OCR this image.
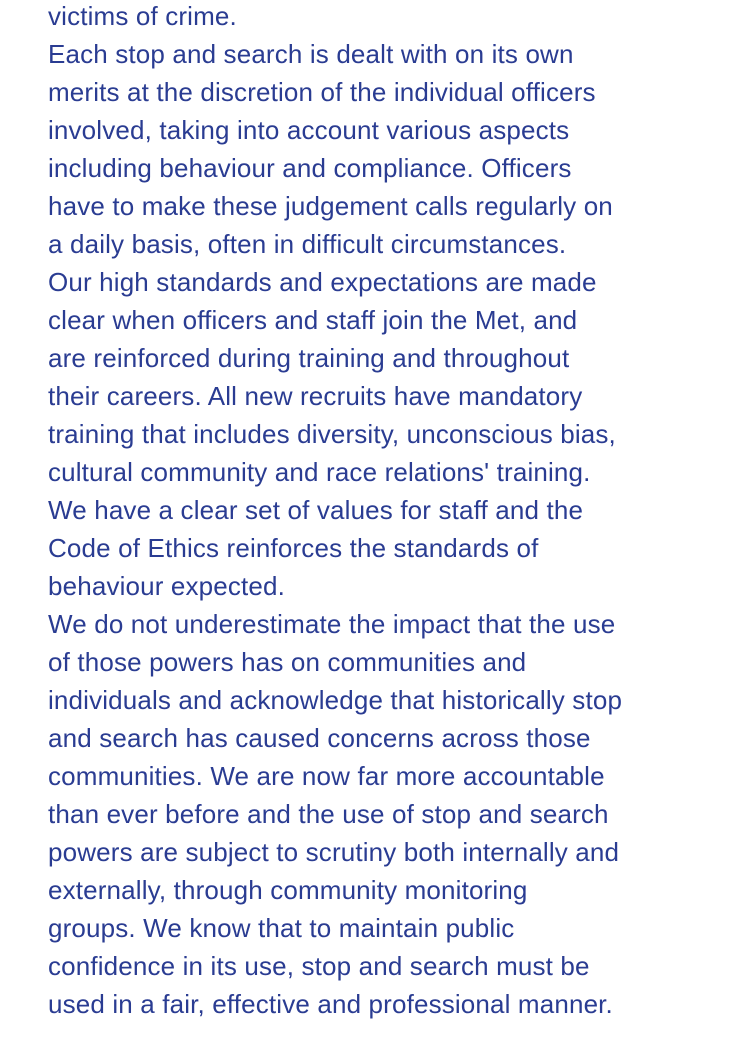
victims of crime.
Each stop and search is dealt with on its own
merits at the discretion of the individual officers
involved, taking into account various aspects
including behaviour and compliance. Officers
have to make these judgement calls regularly on
a daily basis, often in difficult circumstances.
Our high standards and expectations are made
clear when officers and staff join the Met, and
are reinforced during training and throughout
their careers. All new recruits have mandatory
training that includes diversity, unconscious bias,
cultural community and race relations' training.
We have a clear set of values for staff and the
Code of Ethics reinforces the standards of
behaviour expected.
We do not underestimate the impact that the use
of those powers has on communities and
individuals and acknowledge that historically stop
and search has caused concerns across those
communities. We are now far more accountable
than ever before and the use of stop and search
powers are subject to scrutiny both internally and
externally, through community monitoring
groups. We know that to maintain public
confidence in its use, stop and search must be
used in a fair, effective and professional manner.
